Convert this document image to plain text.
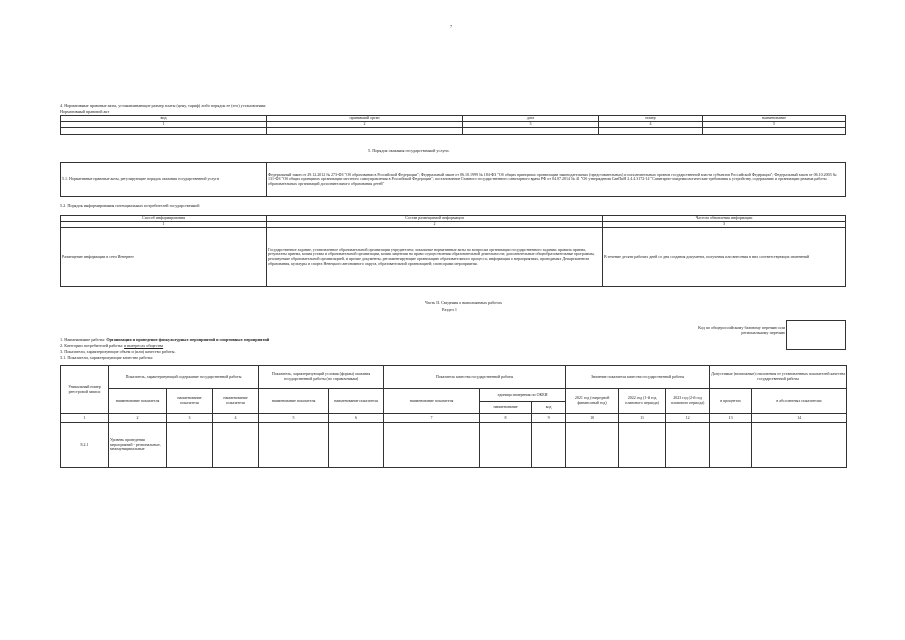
7
4. Нормативные правовые акты, устанавливающие размер платы (цену, тариф) либо порядок ее (его) установления:
Нормативный правовой акт
вид	принявший орган	дата	номер	наименование
1	2	3	4	5

5. Порядок оказания государственной услуги.
5.1. Нормативные правовые акты, регулирующие порядок оказания государственной услуги	Федеральный закон от 29.12.2012 № 273-ФЗ "Об образовании в Российской Федерации"; Федеральный закон от 06.10.1999 № 184-ФЗ "Об общих принципах организации законодательных (представительных) и исполнительных органов государственной власти субъектов Российской Федерации"; Федеральный закон от 06.10.2003 № 131-ФЗ "Об общих принципах организации местного самоуправления в Российской Федерации"; постановление Главного государственного санитарного врача РФ от 04.07.2014 № 41 "Об утверждении СанПиН 2.4.4.3172-14 "Санитарно-эпидемиологические требования к устройству, содержанию и организации режима работы образовательных организаций дополнительного образования детей"
5.2. Порядок информирования потенциальных потребителей государственной
Способ информирования	Состав размещаемой информации	Частота обновления информации
1	2	3
Размещение информации в сети Интернет	Государственное задание, установленное образовательной организации учредителем; локальные нормативные акты по вопросам организации государственного задания; правила приема, результаты приема, копия устава и образовательной организации, копия лицензии на право осуществления образовательной деятельности; дополнительные общеобразовательные программы, реализуемые образовательной организацией, и прочие документы, регламентирующие организацию образовательного процесса; информация о мероприятиях, проводимых Департаментом образования, культуры и спорта Ненецкого автономного округа, образовательной организацией; спонсорами мероприятия.	В течение десяти рабочих дней со дня создания документа, получения или внесения в них соответствующих изменений
Часть II. Сведения о выполняемых работах
Раздел 1
Код по общероссийскому базовому перечню или региональному перечню
1. Наименование работы: Организация и проведение физкультурных мероприятий и спортивных мероприятий
2. Категории потребителей работы: в интересах общества
3. Показатели, характеризующие объем и (или) качество работы.
3.1. Показатели, характеризующие качество работы:
Уникальный номер реестровой записи	Показатель, характеризующий содержание государственной работы			Показатель, характеризующий условия (формы) оказания государственной работы (по справочникам)		Показатель качества государственной работы			Значение показателя качества государственной работы			Допустимые (возможные) отклонения от установленных показателей качества государственной работы	
	наименование показателя	наименование показателя	наименование показателя	наименование показателя	наименование показателя	наименование показателя	единица измерения по ОКЕИ		2021 год (очередной финансовый год)	2022 год (1-й год планового периода)	2023 год (2-й год планового периода)	в процентах	в абсолютных показателях
							наименование	код					
1	2	3	4	5	6	7	8	9	10	11	12	13	14
8.2.1	Уровень проведения мероприятий - региональные, межмуниципальные												
